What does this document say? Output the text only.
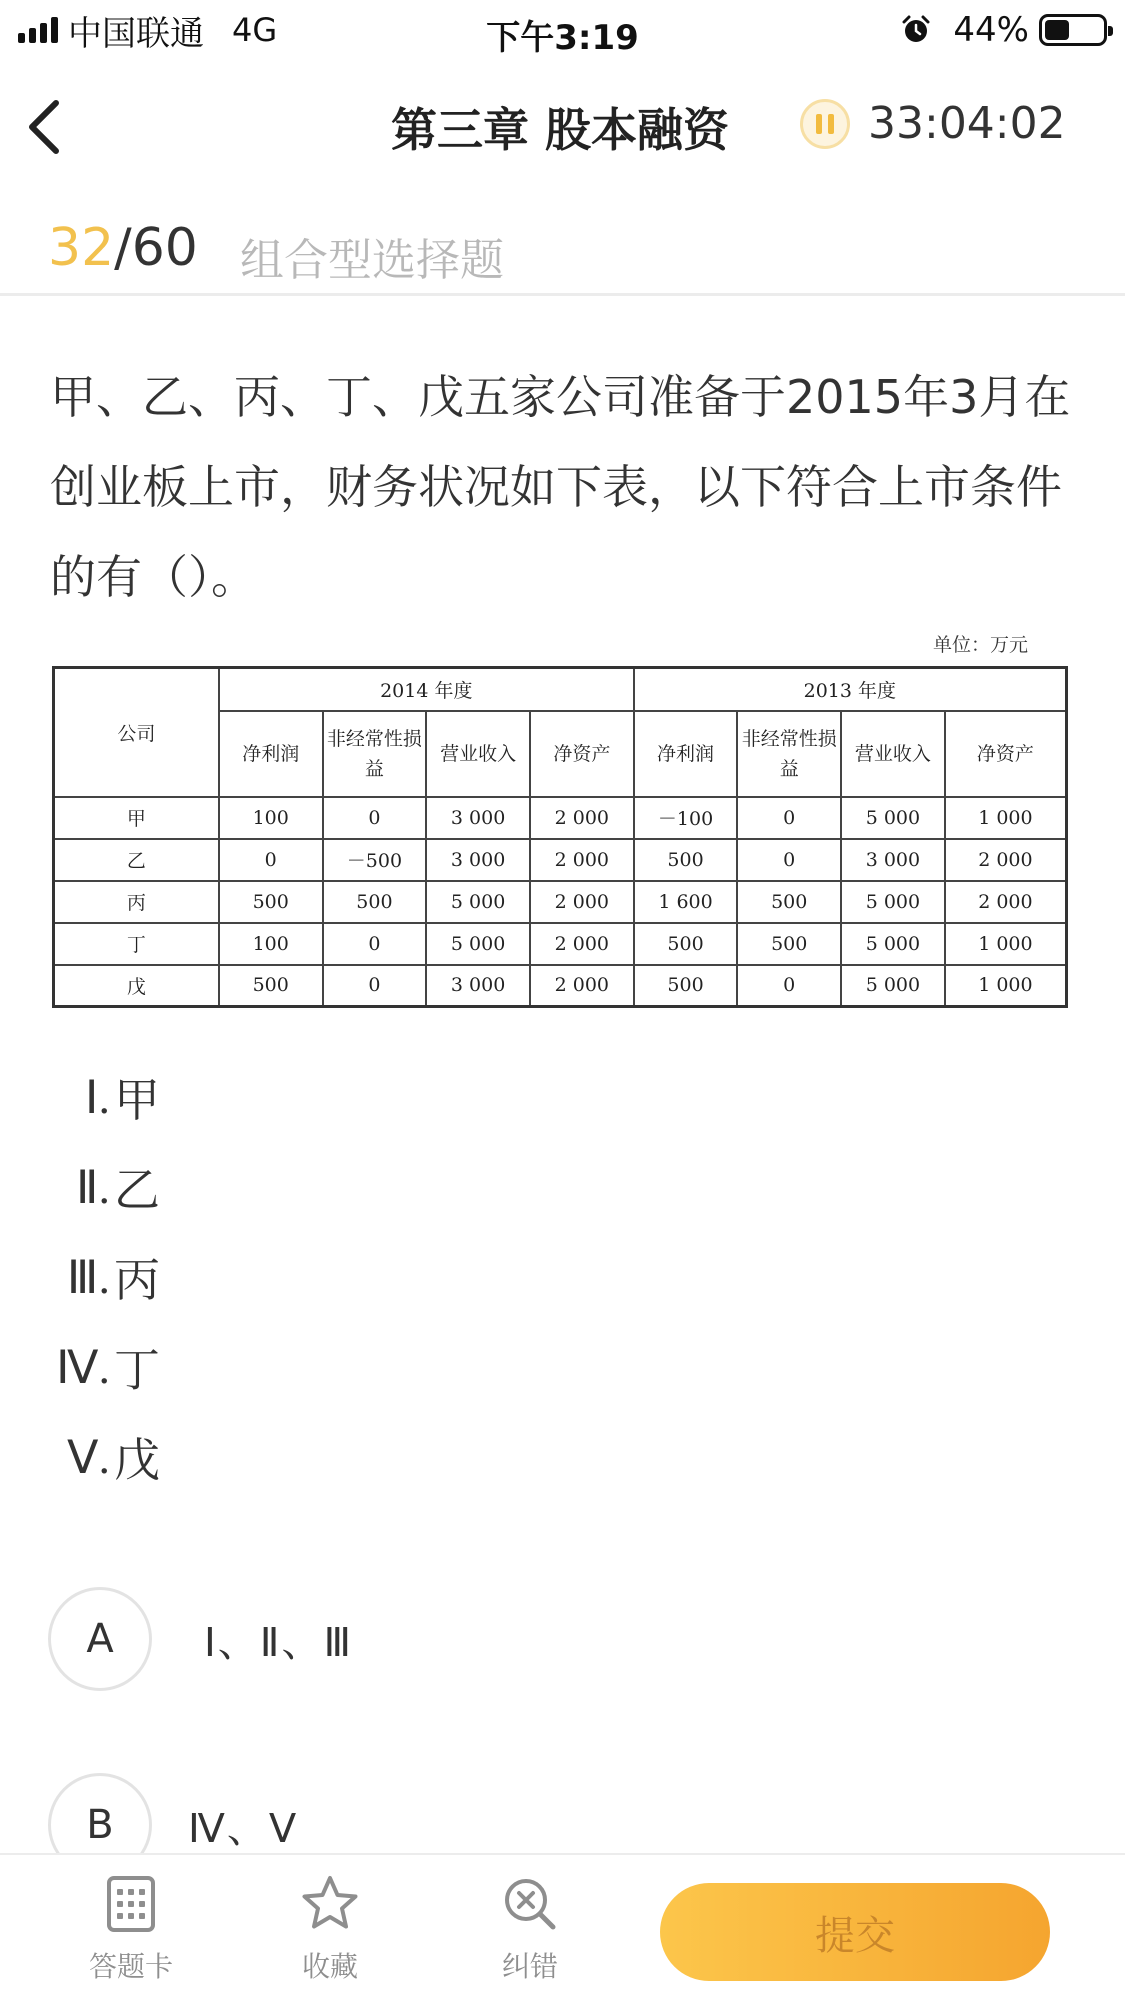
中国联通 4G	下午3:19	44%
第三章 股本融资	33:04:02
32 / 60 组合型选择题
甲、乙、丙、丁、戊五家公司准备于2015年3月在创业板上市，财务状况如下表，以下符合上市条件的有（）。
单位：万元
公司	2014 年度				2013 年度			
	净利润	非经常性损益	营业收入	净资产	净利润	非经常性损益	营业收入	净资产
甲	100	0	3 000	2 000	－100	0	5 000	1 000
乙	0	－500	3 000	2 000	500	0	3 000	2 000
丙	500	500	5 000	2 000	1 600	500	5 000	2 000
丁	100	0	5 000	2 000	500	500	5 000	1 000
戊	500	0	3 000	2 000	500	0	5 000	1 000
Ⅰ. 甲
Ⅱ. 乙
Ⅲ. 丙
Ⅳ. 丁
Ⅴ. 戊
A	Ⅰ、Ⅱ、Ⅲ
B	Ⅳ、Ⅴ
答题卡	收藏	纠错
提交
